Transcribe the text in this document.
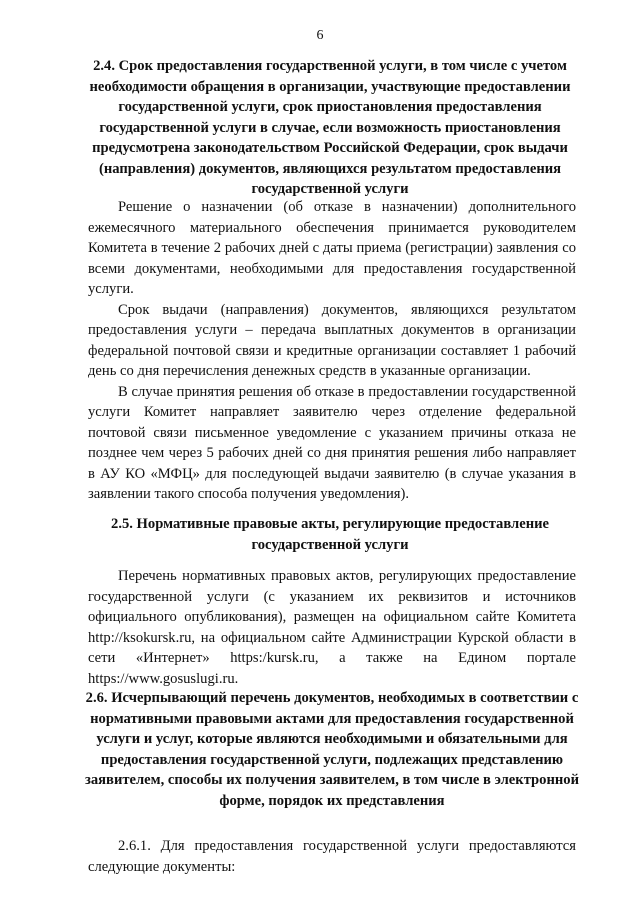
6
2.4. Срок предоставления государственной услуги, в том числе с учетом необходимости обращения в организации, участвующие предоставлении государственной услуги, срок приостановления предоставления государственной услуги в случае, если возможность приостановления предусмотрена законодательством Российской Федерации, срок выдачи (направления) документов, являющихся результатом предоставления государственной услуги

Решение о назначении (об отказе в назначении) дополнительного ежемесячного материального обеспечения принимается руководителем Комитета в течение 2 рабочих дней с даты приема (регистрации) заявления со всеми документами, необходимыми для предоставления государственной услуги.

Срок выдачи (направления) документов, являющихся результатом предоставления услуги – передача выплатных документов в организации федеральной почтовой связи и кредитные организации составляет 1 рабочий день со дня перечисления денежных средств в указанные организации.

В случае принятия решения об отказе в предоставлении государственной услуги Комитет направляет заявителю через отделение федеральной почтовой связи письменное уведомление с указанием причины отказа не позднее чем через 5 рабочих дней со дня принятия решения либо направляет в АУ КО «МФЦ» для последующей выдачи заявителю (в случае указания в заявлении такого способа получения уведомления).

2.5. Нормативные правовые акты, регулирующие предоставление государственной услуги

Перечень нормативных правовых актов, регулирующих предоставление государственной услуги (с указанием их реквизитов и источников официального опубликования), размещен на официальном сайте Комитета http://ksokursk.ru, на официальном сайте Администрации Курской области в сети «Интернет» https:/kursk.ru, а также на Едином портале https://www.gosuslugi.ru.

2.6. Исчерпывающий перечень документов, необходимых в соответствии с нормативными правовыми актами для предоставления государственной услуги и услуг, которые являются необходимыми и обязательными для предоставления государственной услуги, подлежащих представлению заявителем, способы их получения заявителем, в том числе в электронной форме, порядок их представления

2.6.1. Для предоставления государственной услуги предоставляются следующие документы:
